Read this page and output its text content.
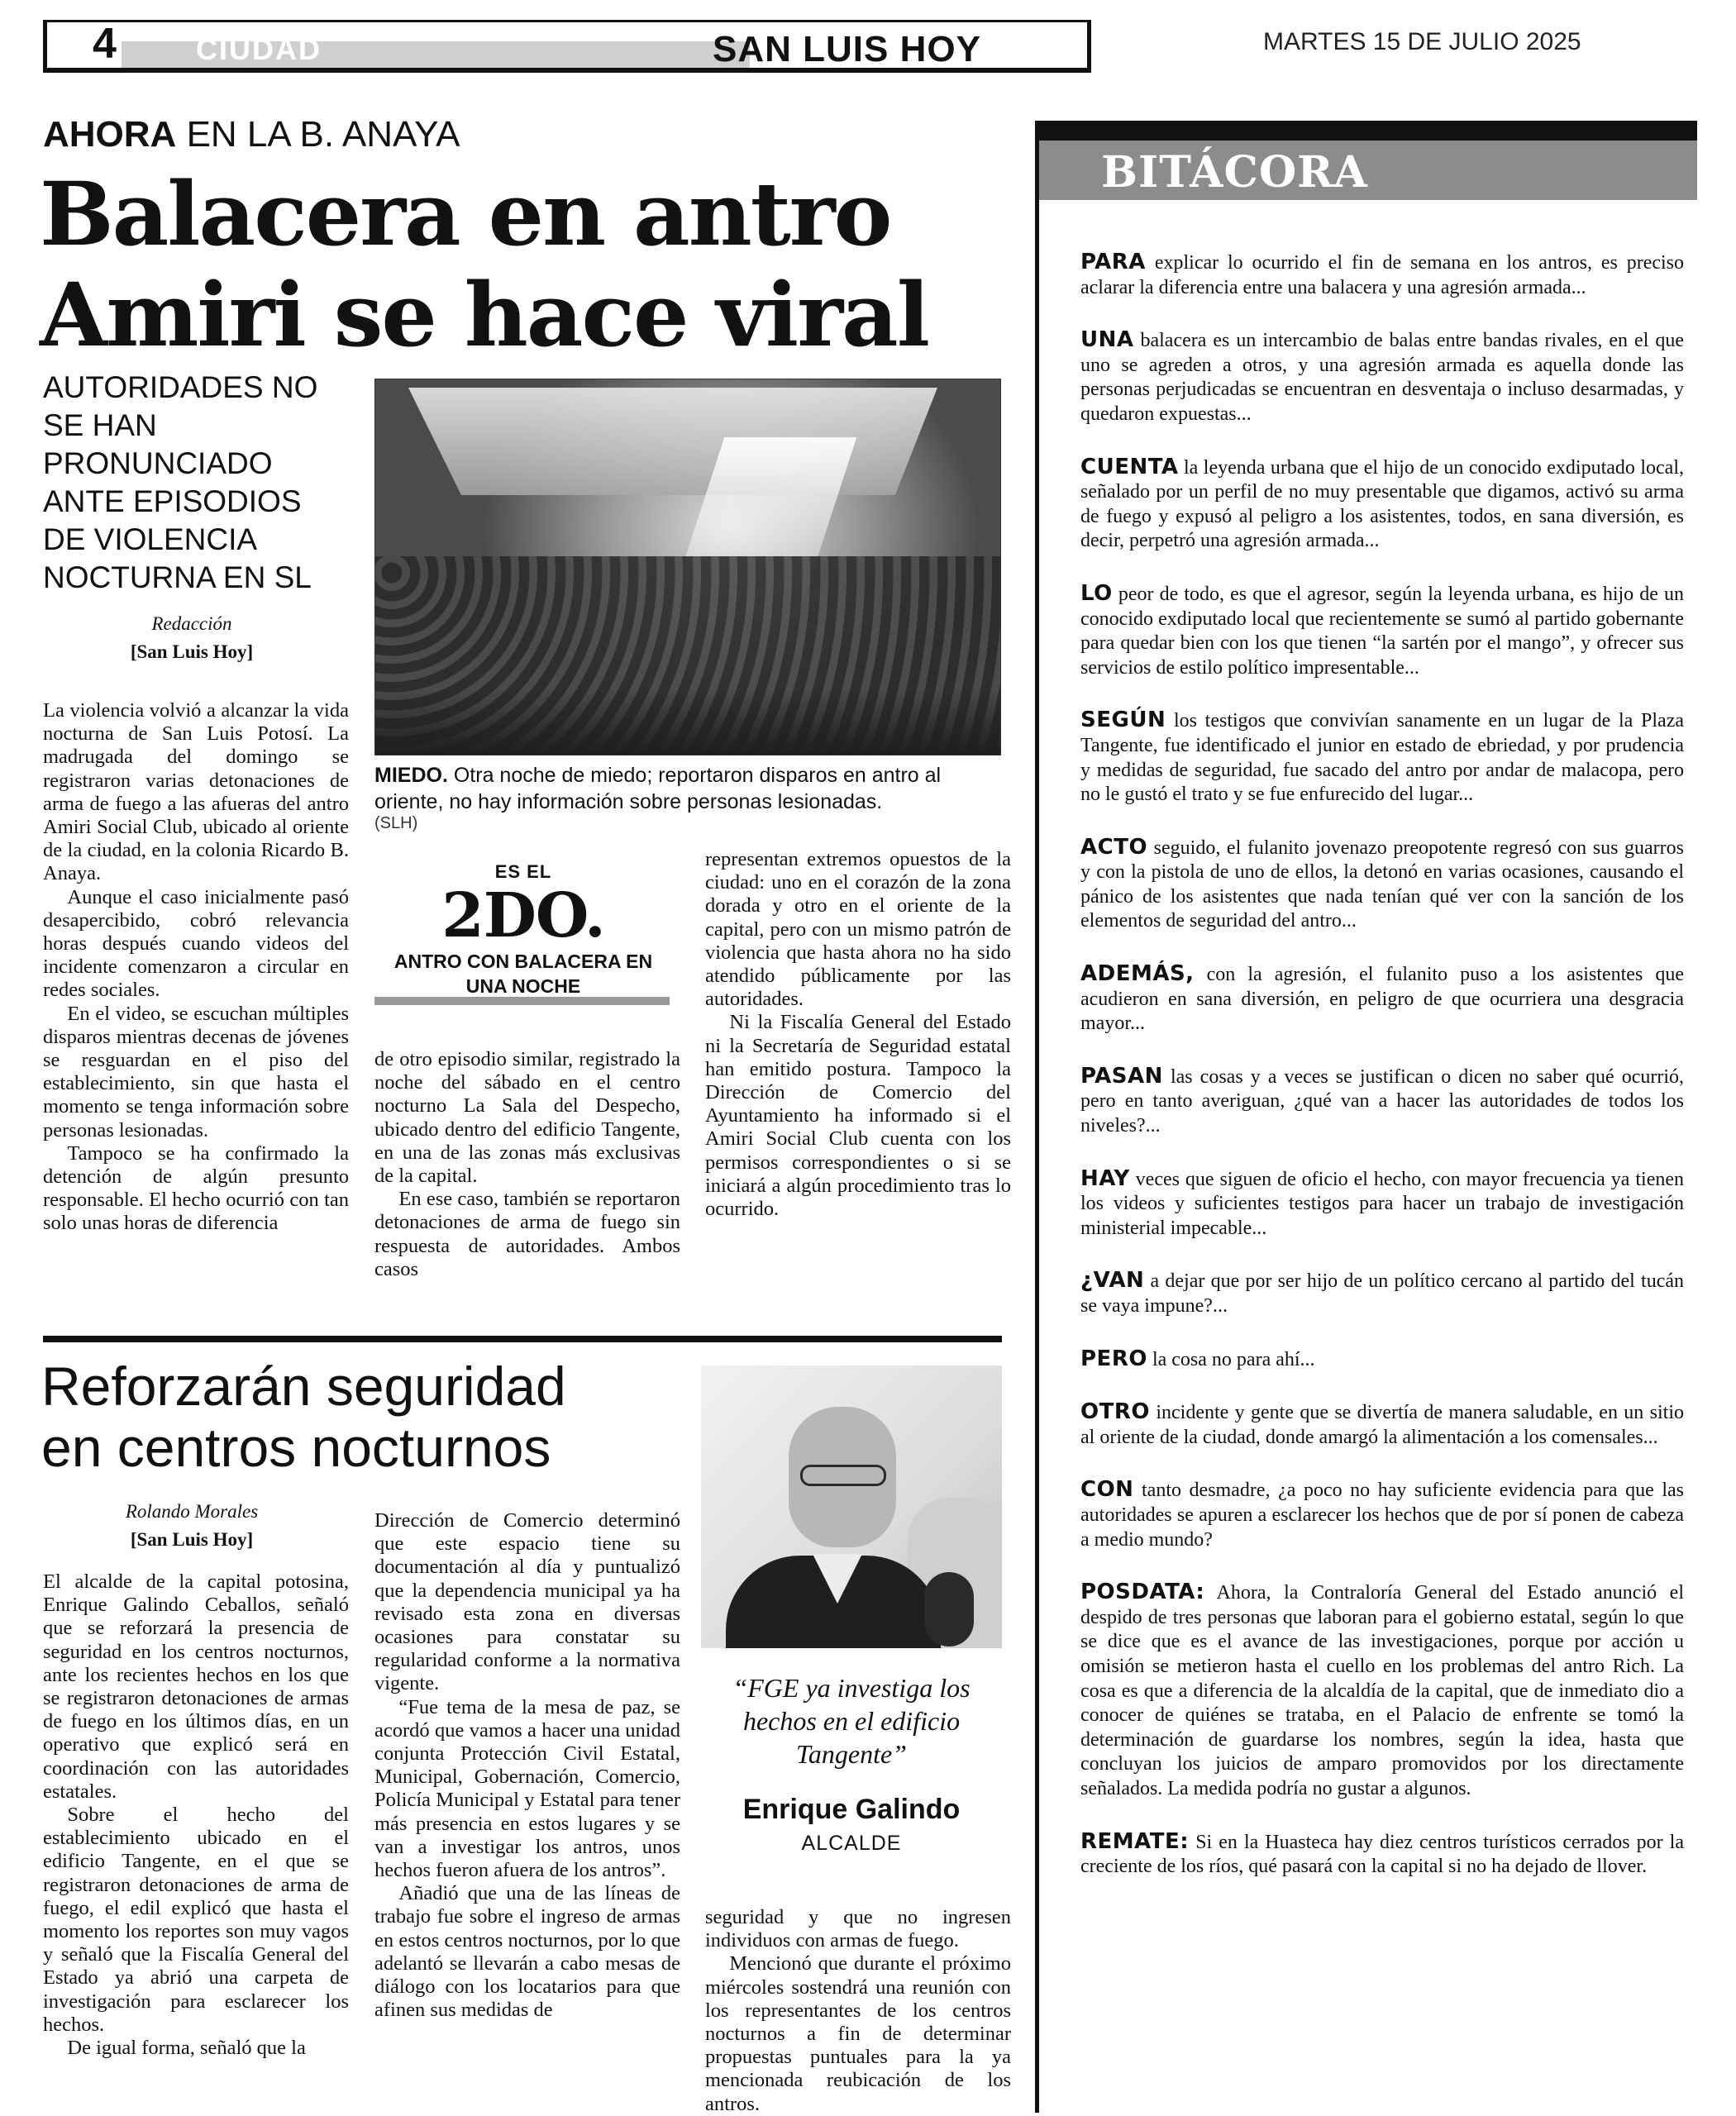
4	CIUDAD	SAN LUIS HOY	MARTES 15 DE JULIO 2025
AHORA EN LA B. ANAYA
Balacera en antro
Amiri se hace viral
AUTORIDADES NO SE HAN PRONUNCIADO ANTE EPISODIOS DE VIOLENCIA NOCTURNA EN SL
Redacción
[San Luis Hoy]
MIEDO. Otra noche de miedo; reportaron disparos en antro al oriente, no hay información sobre personas lesionadas.
(SLH)

La violencia volvió a alcanzar la vida nocturna de San Luis Potosí. La madrugada del domingo se registraron varias detonaciones de arma de fuego a las afueras del antro Amiri Social Club, ubicado al oriente de la ciudad, en la colonia Ricardo B. Anaya.

Aunque el caso inicialmente pasó desapercibido, cobró relevancia horas después cuando videos del incidente comenzaron a circular en redes sociales.

En el video, se escuchan múltiples disparos mientras decenas de jóvenes se resguardan en el piso del establecimiento, sin que hasta el momento se tenga información sobre personas lesionadas.

Tampoco se ha confirmado la detención de algún presunto responsable. El hecho ocurrió con tan solo unas horas de diferencia

ES EL
2DO.
ANTRO CON BALACERA EN UNA NOCHE

de otro episodio similar, registrado la noche del sábado en el centro nocturno La Sala del Despecho, ubicado dentro del edificio Tangente, en una de las zonas más exclusivas de la capital.

En ese caso, también se reportaron detonaciones de arma de fuego sin respuesta de autoridades. Ambos casos

representan extremos opuestos de la ciudad: uno en el corazón de la zona dorada y otro en el oriente de la capital, pero con un mismo patrón de violencia que hasta ahora no ha sido atendido públicamente por las autoridades.

Ni la Fiscalía General del Estado ni la Secretaría de Seguridad estatal han emitido postura. Tampoco la Dirección de Comercio del Ayuntamiento ha informado si el Amiri Social Club cuenta con los permisos correspondientes o si se iniciará a algún procedimiento tras lo ocurrido.

Reforzarán seguridad
en centros nocturnos
Rolando Morales
[San Luis Hoy]

El alcalde de la capital potosina, Enrique Galindo Ceballos, señaló que se reforzará la presencia de seguridad en los centros nocturnos, ante los recientes hechos en los que se registraron detonaciones de armas de fuego en los últimos días, en un operativo que explicó será en coordinación con las autoridades estatales.

Sobre el hecho del establecimiento ubicado en el edificio Tangente, en el que se registraron detonaciones de arma de fuego, el edil explicó que hasta el momento los reportes son muy vagos y señaló que la Fiscalía General del Estado ya abrió una carpeta de investigación para esclarecer los hechos.

De igual forma, señaló que la

Dirección de Comercio determinó que este espacio tiene su documentación al día y puntualizó que la dependencia municipal ya ha revisado esta zona en diversas ocasiones para constatar su regularidad conforme a la normativa vigente.

“Fue tema de la mesa de paz, se acordó que vamos a hacer una unidad conjunta Protección Civil Estatal, Municipal, Gobernación, Comercio, Policía Municipal y Estatal para tener más presencia en estos lugares y se van a investigar los antros, unos hechos fueron afuera de los antros”.

Añadió que una de las líneas de trabajo fue sobre el ingreso de armas en estos centros nocturnos, por lo que adelantó se llevarán a cabo mesas de diálogo con los locatarios para que afinen sus medidas de

“FGE ya investiga los hechos en el edificio Tangente”
Enrique Galindo
ALCALDE

seguridad y que no ingresen individuos con armas de fuego.

Mencionó que durante el próximo miércoles sostendrá una reunión con los representantes de los centros nocturnos a fin de determinar propuestas puntuales para la ya mencionada reubicación de los antros.

BITÁCORA

PARA explicar lo ocurrido el fin de semana en los antros, es preciso aclarar la diferencia entre una balacera y una agresión armada...

UNA balacera es un intercambio de balas entre bandas rivales, en el que uno se agreden a otros, y una agresión armada es aquella donde las personas perjudicadas se encuentran en desventaja o incluso desarmadas, y quedaron expuestas...

CUENTA la leyenda urbana que el hijo de un conocido exdiputado local, señalado por un perfil de no muy presentable que digamos, activó su arma de fuego y expusó al peligro a los asistentes, todos, en sana diversión, es decir, perpetró una agresión armada...

LO peor de todo, es que el agresor, según la leyenda urbana, es hijo de un conocido exdiputado local que recientemente se sumó al partido gobernante para quedar bien con los que tienen “la sartén por el mango”, y ofrecer sus servicios de estilo político impresentable...

SEGÚN los testigos que convivían sanamente en un lugar de la Plaza Tangente, fue identificado el junior en estado de ebriedad, y por prudencia y medidas de seguridad, fue sacado del antro por andar de malacopa, pero no le gustó el trato y se fue enfurecido del lugar...

ACTO seguido, el fulanito jovenazo preopotente regresó con sus guarros y con la pistola de uno de ellos, la detonó en varias ocasiones, causando el pánico de los asistentes que nada tenían qué ver con la sanción de los elementos de seguridad del antro...

ADEMÁS, con la agresión, el fulanito puso a los asistentes que acudieron en sana diversión, en peligro de que ocurriera una desgracia mayor...

PASAN las cosas y a veces se justifican o dicen no saber qué ocurrió, pero en tanto averiguan, ¿qué van a hacer las autoridades de todos los niveles?...

HAY veces que siguen de oficio el hecho, con mayor frecuencia ya tienen los videos y suficientes testigos para hacer un trabajo de investigación ministerial impecable...

¿VAN a dejar que por ser hijo de un político cercano al partido del tucán se vaya impune?...

PERO la cosa no para ahí...

OTRO incidente y gente que se divertía de manera saludable, en un sitio al oriente de la ciudad, donde amargó la alimentación a los comensales...

CON tanto desmadre, ¿a poco no hay suficiente evidencia para que las autoridades se apuren a esclarecer los hechos que de por sí ponen de cabeza a medio mundo?

POSDATA: Ahora, la Contraloría General del Estado anunció el despido de tres personas que laboran para el gobierno estatal, según lo que se dice que es el avance de las investigaciones, porque por acción u omisión se metieron hasta el cuello en los problemas del antro Rich. La cosa es que a diferencia de la alcaldía de la capital, que de inmediato dio a conocer de quiénes se trataba, en el Palacio de enfrente se tomó la determinación de guardarse los nombres, según la idea, hasta que concluyan los juicios de amparo promovidos por los directamente señalados. La medida podría no gustar a algunos.

REMATE: Si en la Huasteca hay diez centros turísticos cerrados por la creciente de los ríos, qué pasará con la capital si no ha dejado de llover.
